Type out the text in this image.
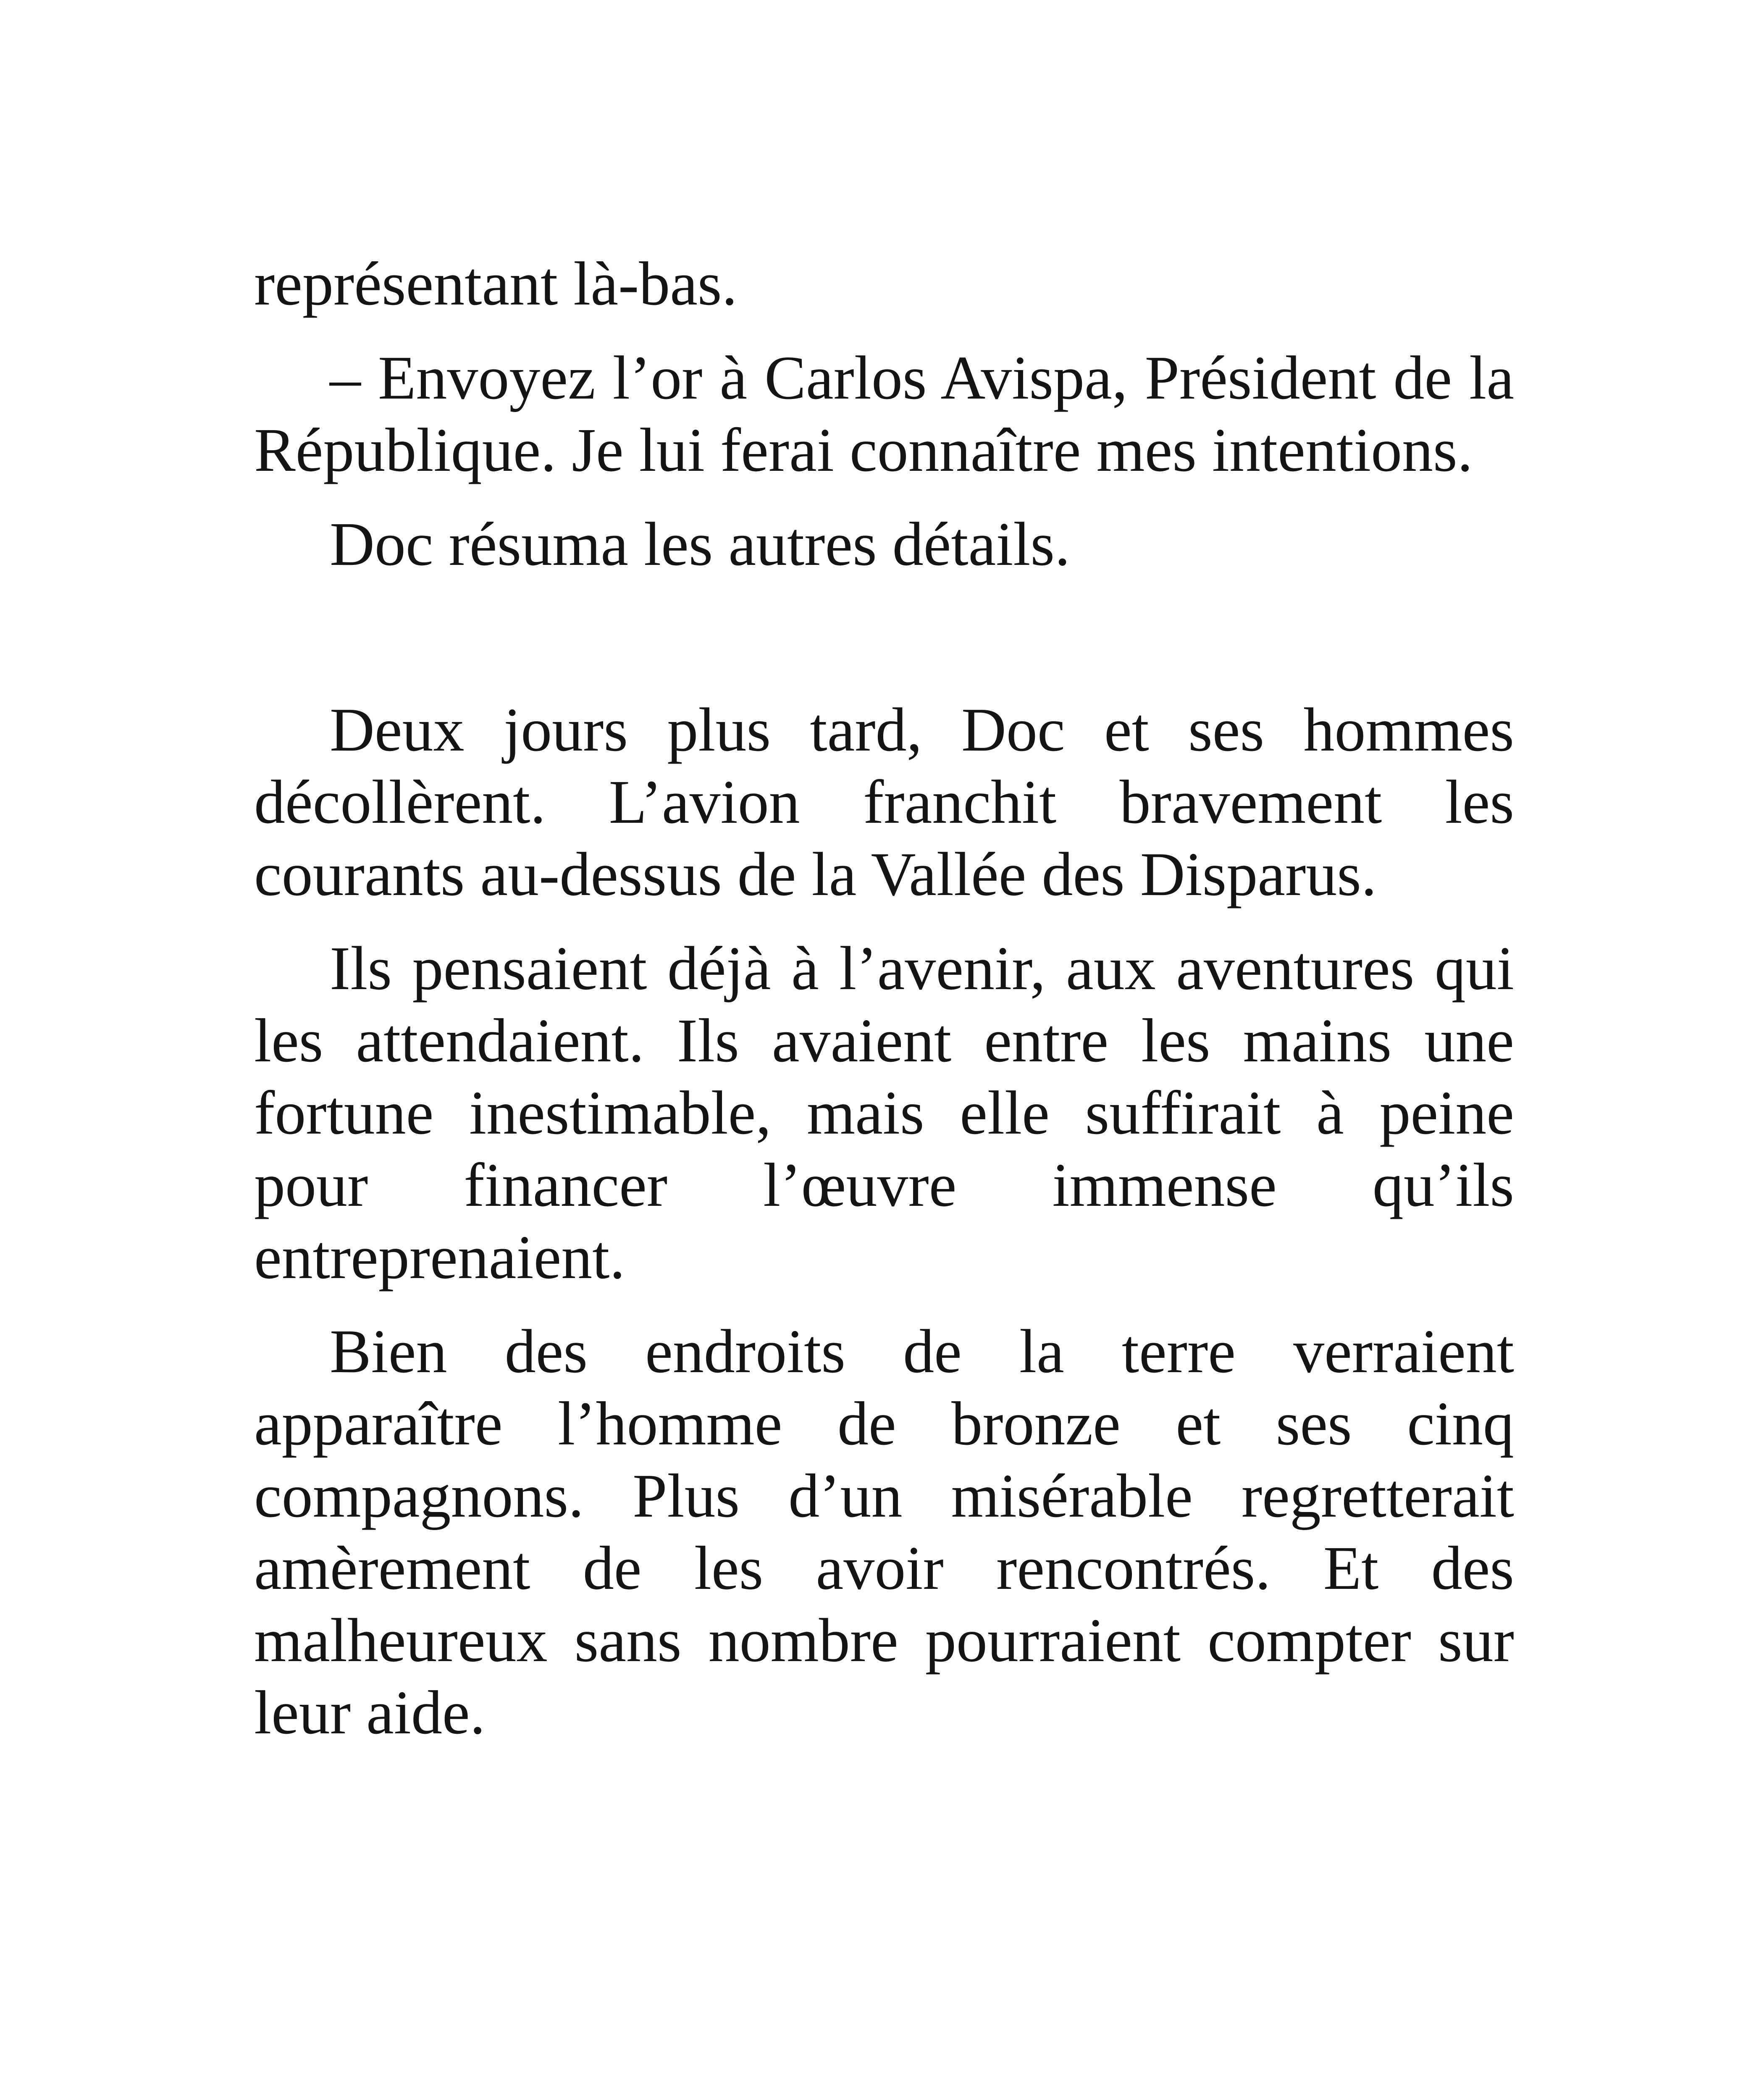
représentant là-bas.

– Envoyez l’or à Carlos Avispa, Président de la République. Je lui ferai connaître mes intentions.

Doc résuma les autres détails.

Deux jours plus tard, Doc et ses hommes décollèrent. L’avion franchit bravement les courants au-dessus de la Vallée des Disparus.

Ils pensaient déjà à l’avenir, aux aventures qui les attendaient. Ils avaient entre les mains une fortune inestimable, mais elle suffirait à peine pour financer l’œuvre immense qu’ils entreprenaient.

Bien des endroits de la terre verraient apparaître l’homme de bronze et ses cinq compagnons. Plus d’un misérable regretterait amèrement de les avoir rencontrés. Et des malheureux sans nombre pourraient compter sur leur aide.
